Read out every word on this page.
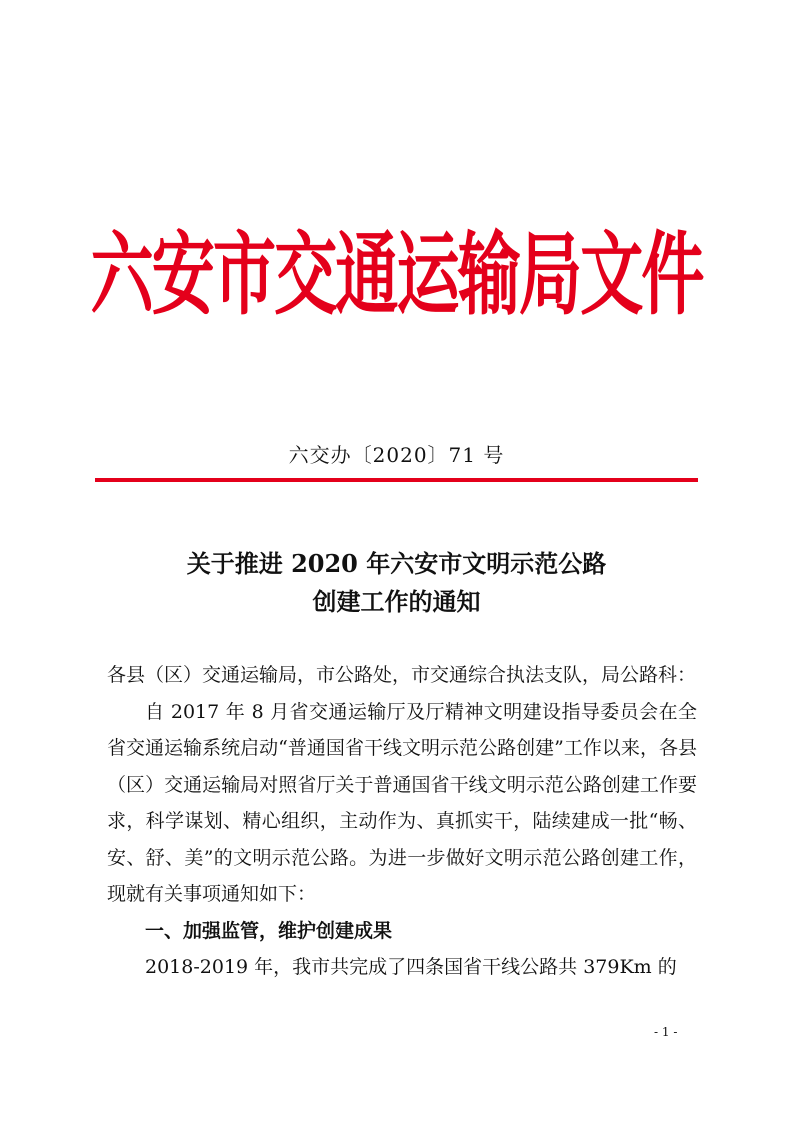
六安市交通运输局文件
六交办〔2020〕71 号
关于推进 2020 年六安市文明示范公路
创建工作的通知

各县（区）交通运输局，市公路处，市交通综合执法支队，局公路科：

自 2017 年 8 月省交通运输厅及厅精神文明建设指导委员会在全省交通运输系统启动“普通国省干线文明示范公路创建”工作以来，各县（区）交通运输局对照省厅关于普通国省干线文明示范公路创建工作要求，科学谋划、精心组织，主动作为、真抓实干，陆续建成一批“畅、安、舒、美”的文明示范公路。为进一步做好文明示范公路创建工作，现就有关事项通知如下：

一、加强监管，维护创建成果

2018-2019 年，我市共完成了四条国省干线公路共 379Km 的

- 1 -
